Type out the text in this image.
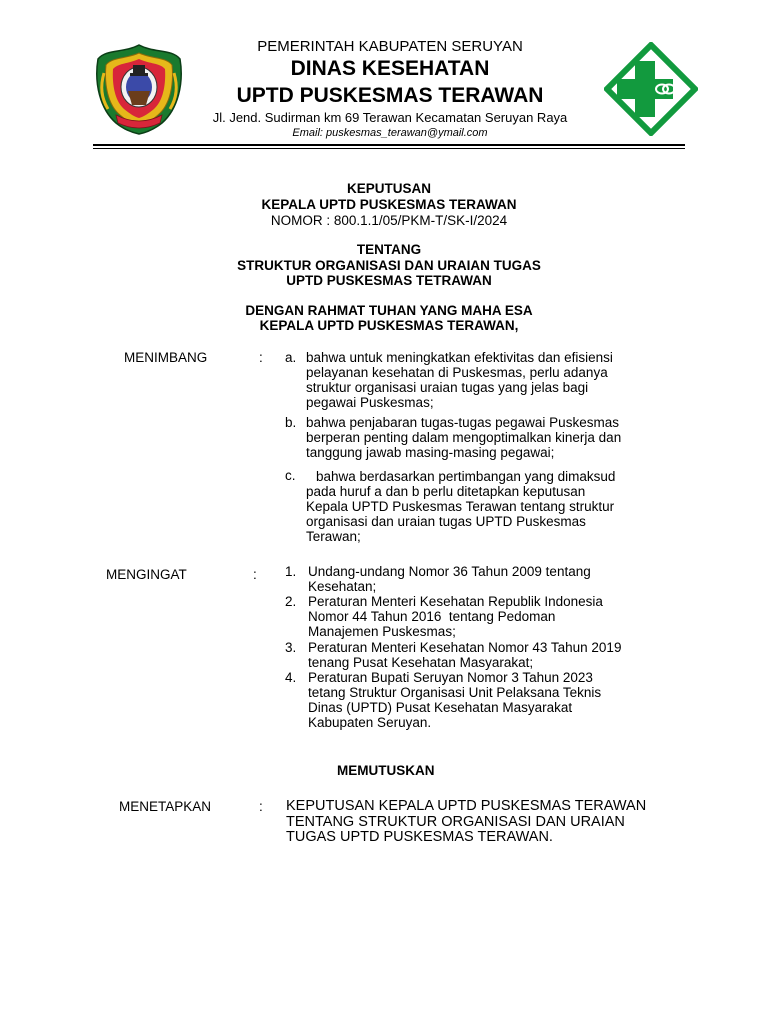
PEMERINTAH KABUPATEN SERUYAN
DINAS KESEHATAN
UPTD PUSKESMAS TERAWAN
Jl. Jend. Sudirman km 69 Terawan Kecamatan Seruyan Raya
Email: puskesmas_terawan@ymail.com
KEPUTUSAN
KEPALA UPTD PUSKESMAS TERAWAN
NOMOR : 800.1.1/05/PKM-T/SK-I/2024
TENTANG
STRUKTUR ORGANISASI DAN URAIAN TUGAS
UPTD PUSKESMAS TETRAWAN
DENGAN RAHMAT TUHAN YANG MAHA ESA
KEPALA UPTD PUSKESMAS TERAWAN,
MENIMBANG	: a. bahwa untuk meningkatkan efektivitas dan efisiensi
pelayanan kesehatan di Puskesmas, perlu adanya
struktur organisasi uraian tugas yang jelas bagi
pegawai Puskesmas;
b. bahwa penjabaran tugas-tugas pegawai Puskesmas
berperan penting dalam mengoptimalkan kinerja dan
tanggung jawab masing-masing pegawai;
c.	bahwa berdasarkan pertimbangan yang dimaksud
pada huruf a dan b perlu ditetapkan keputusan
Kepala UPTD Puskesmas Terawan tentang struktur
organisasi dan uraian tugas UPTD Puskesmas
Terawan;
MENGINGAT	: 1. Undang-undang Nomor 36 Tahun 2009 tentang
Kesehatan;
2. Peraturan Menteri Kesehatan Republik Indonesia
Nomor 44 Tahun 2016  tentang Pedoman
Manajemen Puskesmas;
3. Peraturan Menteri Kesehatan Nomor 43 Tahun 2019
tenang Pusat Kesehatan Masyarakat;
4. Peraturan Bupati Seruyan Nomor 3 Tahun 2023
tetang Struktur Organisasi Unit Pelaksana Teknis
Dinas (UPTD) Pusat Kesehatan Masyarakat
Kabupaten Seruyan.
MEMUTUSKAN
MENETAPKAN	: KEPUTUSAN KEPALA UPTD PUSKESMAS TERAWAN
TENTANG STRUKTUR ORGANISASI DAN URAIAN
TUGAS UPTD PUSKESMAS TERAWAN.
